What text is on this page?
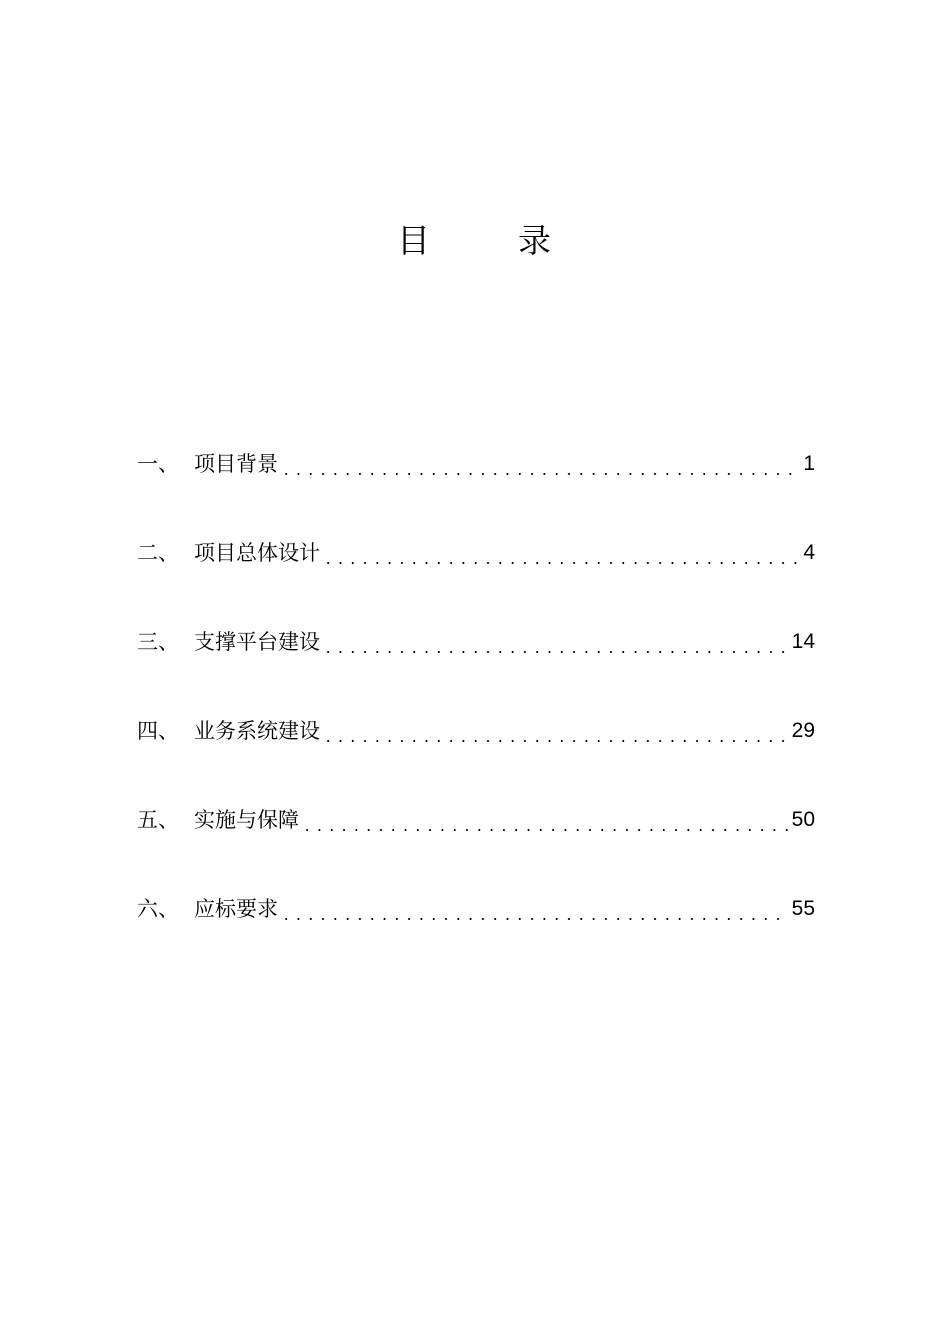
目	录
一、 项目背景	1
二、 项目总体设计	4
三、 支撑平台建设	14
四、 业务系统建设	29
五、 实施与保障	50
六、 应标要求	55
